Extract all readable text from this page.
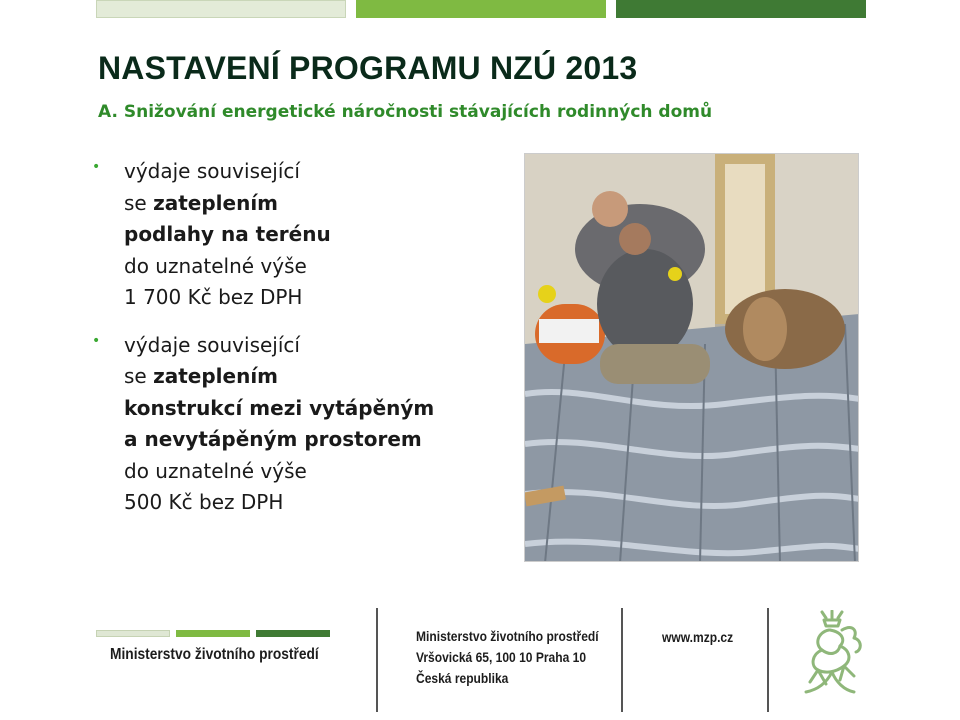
NASTAVENÍ PROGRAMU NZÚ 2013
A. Snižování energetické náročnosti stávajících rodinných domů
• výdaje související
se zateplením
podlahy na terénu
do uznatelné výše
1 700 Kč bez DPH
• výdaje související
se zateplením
konstrukcí mezi vytápěným
a nevytápěným prostorem
do uznatelné výše
500 Kč bez DPH
Ministerstvo životního prostředí
Ministerstvo životního prostředí
Vršovická 65, 100 10 Praha 10
Česká republika
www.mzp.cz
